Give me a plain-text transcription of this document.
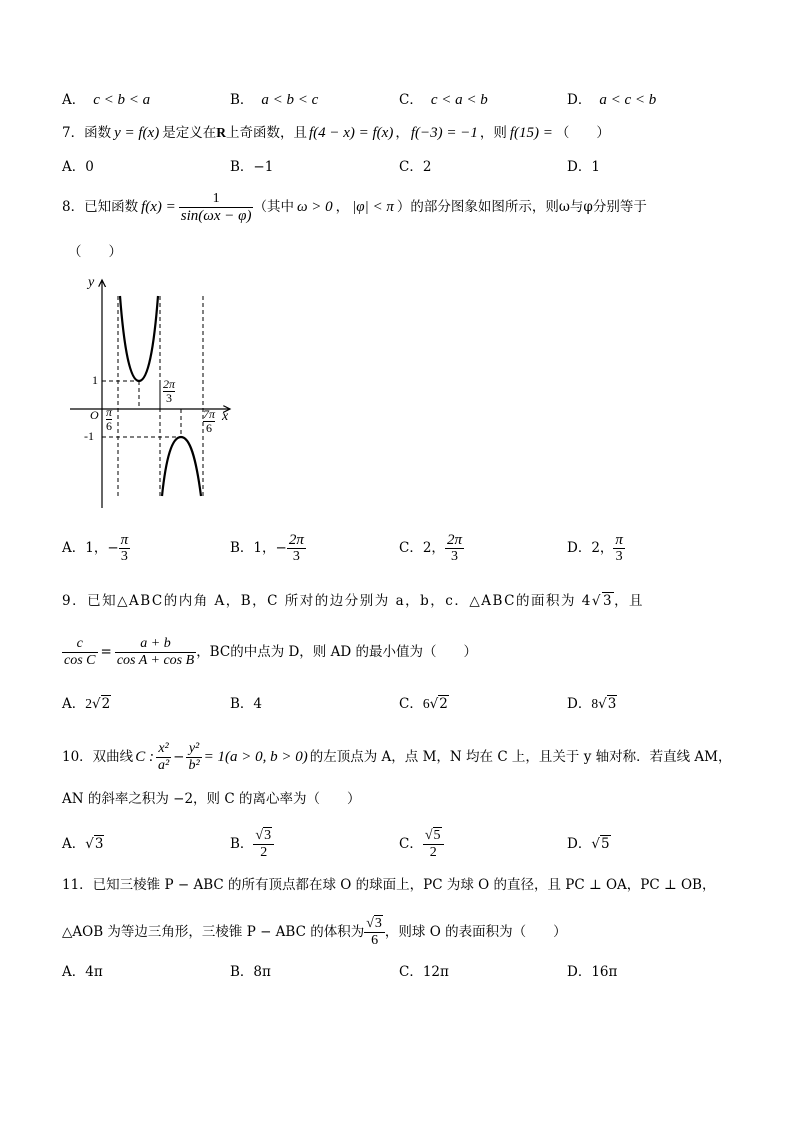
A． c < b < a	B． a < b < c	C． c < a < b	D． a < c < b
7．函数 y = f(x) 是定义在R上奇函数，且 f(4 − x) = f(x) ， f(−3) = −1 ，则 f(15) = （　　）
A．0	B．−1	C．2	D．1
8．已知函数 $f(x) = \frac{1}{\sin(\omega x - \varphi)}$ （其中 ω > 0 ， |φ| < π ）的部分图象如图所示，则ω与φ分别等于
（　　）
y
x
O
1
-1
$\frac{\pi}{6}$
$\frac{2\pi}{3}$
$\frac{7\pi}{6}$
A．1，− $\frac{\pi}{3}$	B．1，− $\frac{2\pi}{3}$	C．2， $\frac{2\pi}{3}$	D．2， $\frac{\pi}{3}$
9．已知△ABC的内角 A，B，C 所对的边分别为 a，b，c．△ABC的面积为 4√3，且
$\frac{c}{\text{cos C}} = \frac{a + b}{\text{cos A + cos B}}$ ，BC的中点为 D，则 AD 的最小值为（　　）
A．2√2	B．4	C．6√2	D．8√3
10．双曲线 C : $\frac{\text{x²}}{\text{a²}} - \frac{\text{y²}}{\text{b²}} = 1(a > 0$, b > 0) 的左顶点为 A，点 M，N 均在 C 上，且关于 y 轴对称．若直线 AM，
AN 的斜率之积为 −2，则 C 的离心率为（　　）
A．√3	B． $\frac{√3}{2}$	C． $\frac{√5}{2}$	D．√5
11．已知三棱锥 P − ABC 的所有顶点都在球 O 的球面上，PC 为球 O 的直径，且 PC ⊥ OA，PC ⊥ OB，
△AOB 为等边三角形，三棱锥 P − ABC 的体积为 $\frac{√3}{6}$ ，则球 O 的表面积为（　　）
A．4π	B．8π	C．12π	D．16π
